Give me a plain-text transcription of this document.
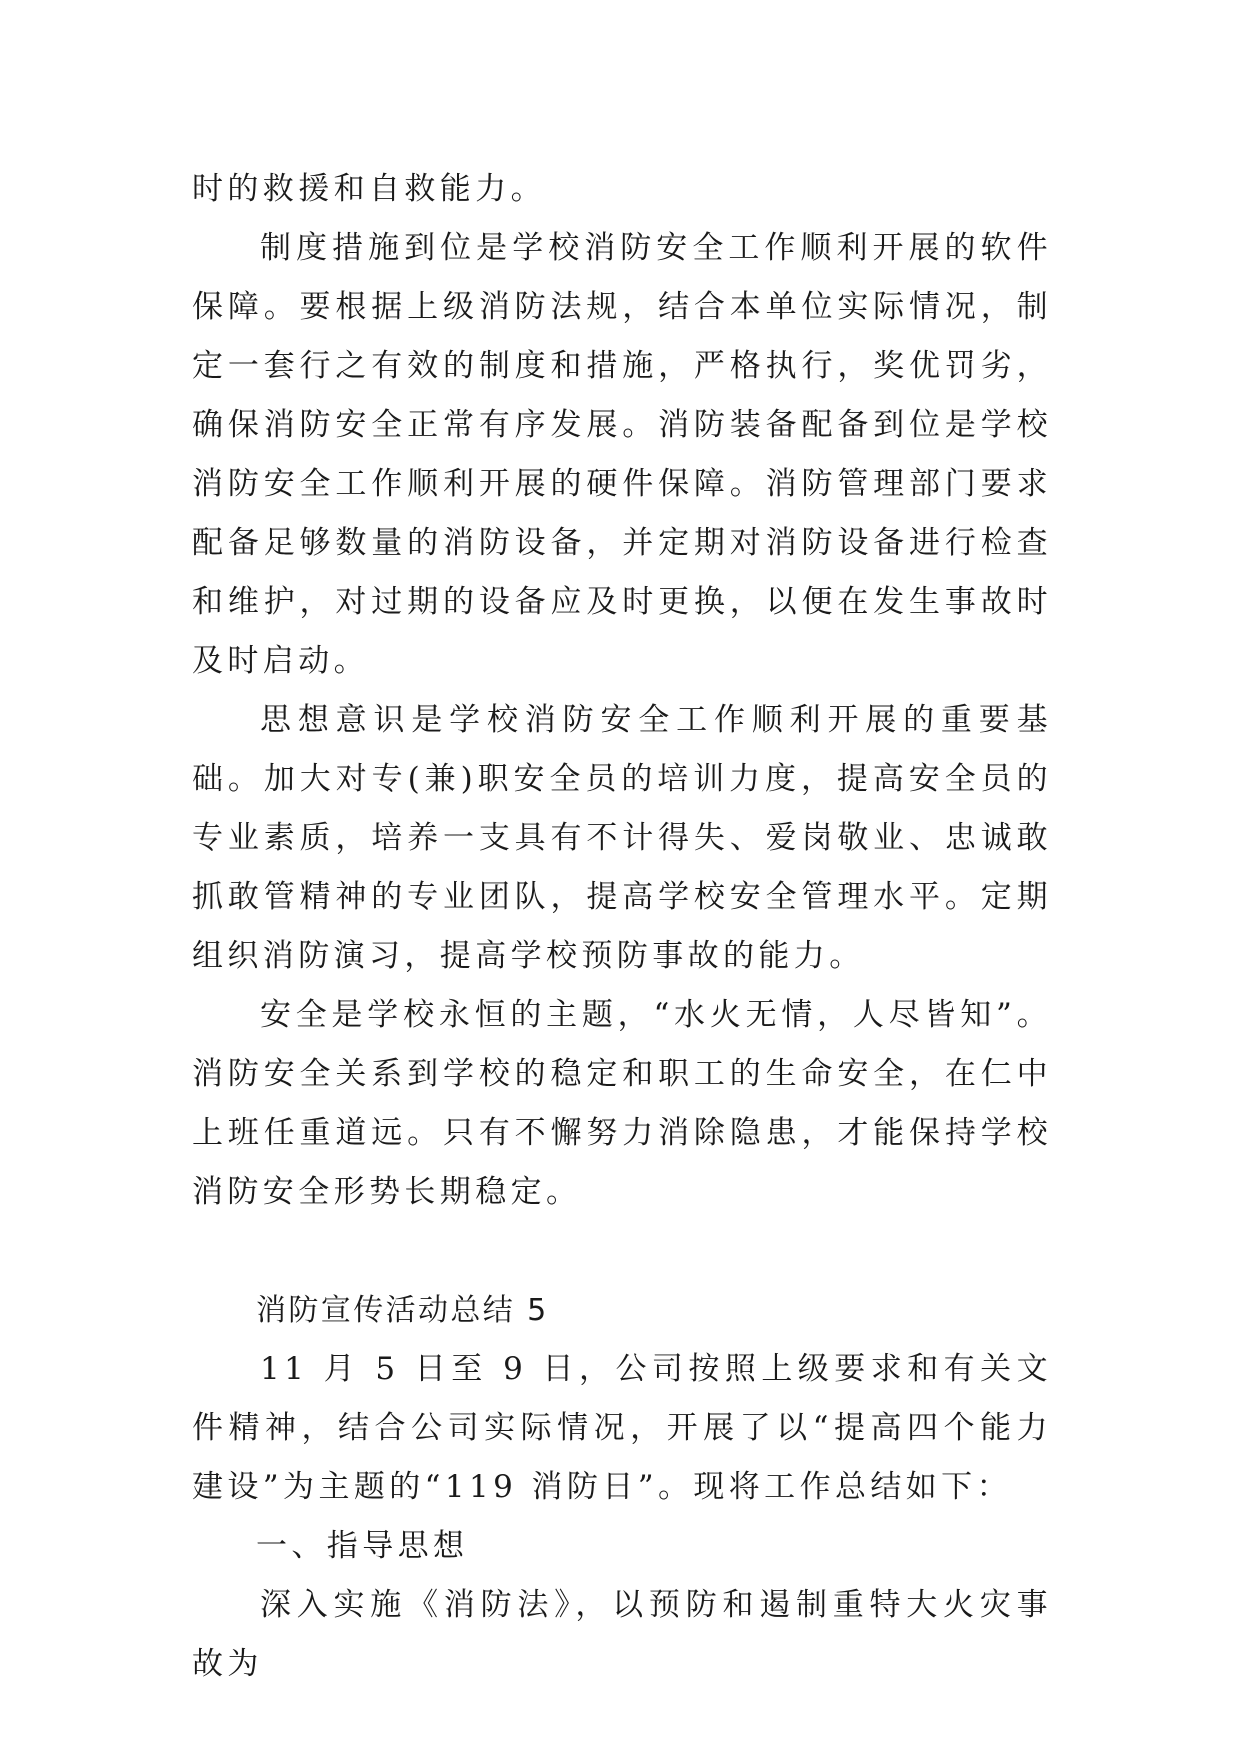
时的救援和自救能力。

制度措施到位是学校消防安全工作顺利开展的软件保障。要根据上级消防法规，结合本单位实际情况，制定一套行之有效的制度和措施，严格执行，奖优罚劣，确保消防安全正常有序发展。消防装备配备到位是学校消防安全工作顺利开展的硬件保障。消防管理部门要求配备足够数量的消防设备，并定期对消防设备进行检查和维护，对过期的设备应及时更换，以便在发生事故时及时启动。

思想意识是学校消防安全工作顺利开展的重要基础。加大对专(兼)职安全员的培训力度，提高安全员的专业素质，培养一支具有不计得失、爱岗敬业、忠诚敢抓敢管精神的专业团队，提高学校安全管理水平。定期组织消防演习，提高学校预防事故的能力。

安全是学校永恒的主题，“水火无情，人尽皆知”。消防安全关系到学校的稳定和职工的生命安全，在仁中上班任重道远。只有不懈努力消除隐患，才能保持学校消防安全形势长期稳定。

消防宣传活动总结 5

11 月 5 日至 9 日，公司按照上级要求和有关文件精神，结合公司实际情况，开展了以“提高四个能力建设”为主题的“119 消防日”。现将工作总结如下：

一、指导思想

深入实施《消防法》，以预防和遏制重特大火灾事故为
